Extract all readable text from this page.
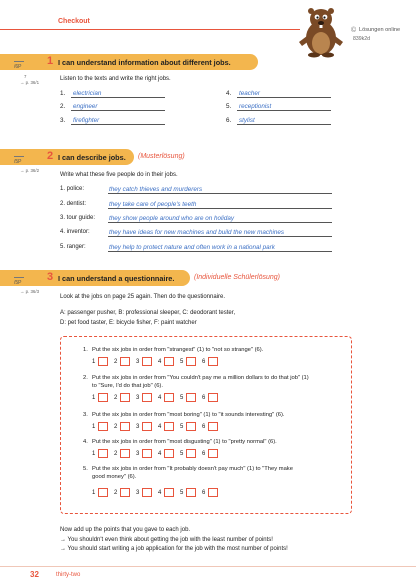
Checkout
© Lösungen online
839k2d
/6P 1 I can understand information about different jobs.
7
→ p. 36/1
Listen to the texts and write the right jobs.
1. electrician
2. engineer
3. firefighter
4. teacher
5. receptionist
6. stylist
/5P 2 I can describe jobs. (Musterlösung)
→ p. 36/2
Write what these five people do in their jobs.
1. police:	they catch thieves and murderers
2. dentist:	they take care of people's teeth
3. tour guide: they show people around who are on holiday
4. inventor:	they have ideas for new machines and build the new machines
5. ranger:	they help to protect nature and often work in a national park
/5P 3 I can understand a questionnaire.	(Individuelle Schülerlösung)
→ p. 36/3
Look at the jobs on page 25 again. Then do the questionnaire.
A: passenger pusher, B: professional sleeper, C: deodorant tester,
D: pet food taster, E: bicycle fisher, F: paint watcher
1. Put the six jobs in order from "strangest" (1) to "not so strange" (6).
1	2	3	4	5	6
2. Put the six jobs in order from "You couldn't pay me a million dollars to do that job" (1)
to "Sure, I'd do that job" (6).
1	2	3	4	5	6
3. Put the six jobs in order from "most boring" (1) to "it sounds interesting" (6).
1	2	3	4	5	6
4. Put the six jobs in order from "most disgusting" (1) to "pretty normal" (6).
1	2	3	4	5	6
5. Put the six jobs in order from "It probably doesn't pay much" (1) to "They make
good money" (6).
1	2	3	4	5	6
Now add up the points that you gave to each job.
→ You shouldn't even think about getting the job with the least number of points!
→ You should start writing a job application for the job with the most number of points!
32	thirty-two
